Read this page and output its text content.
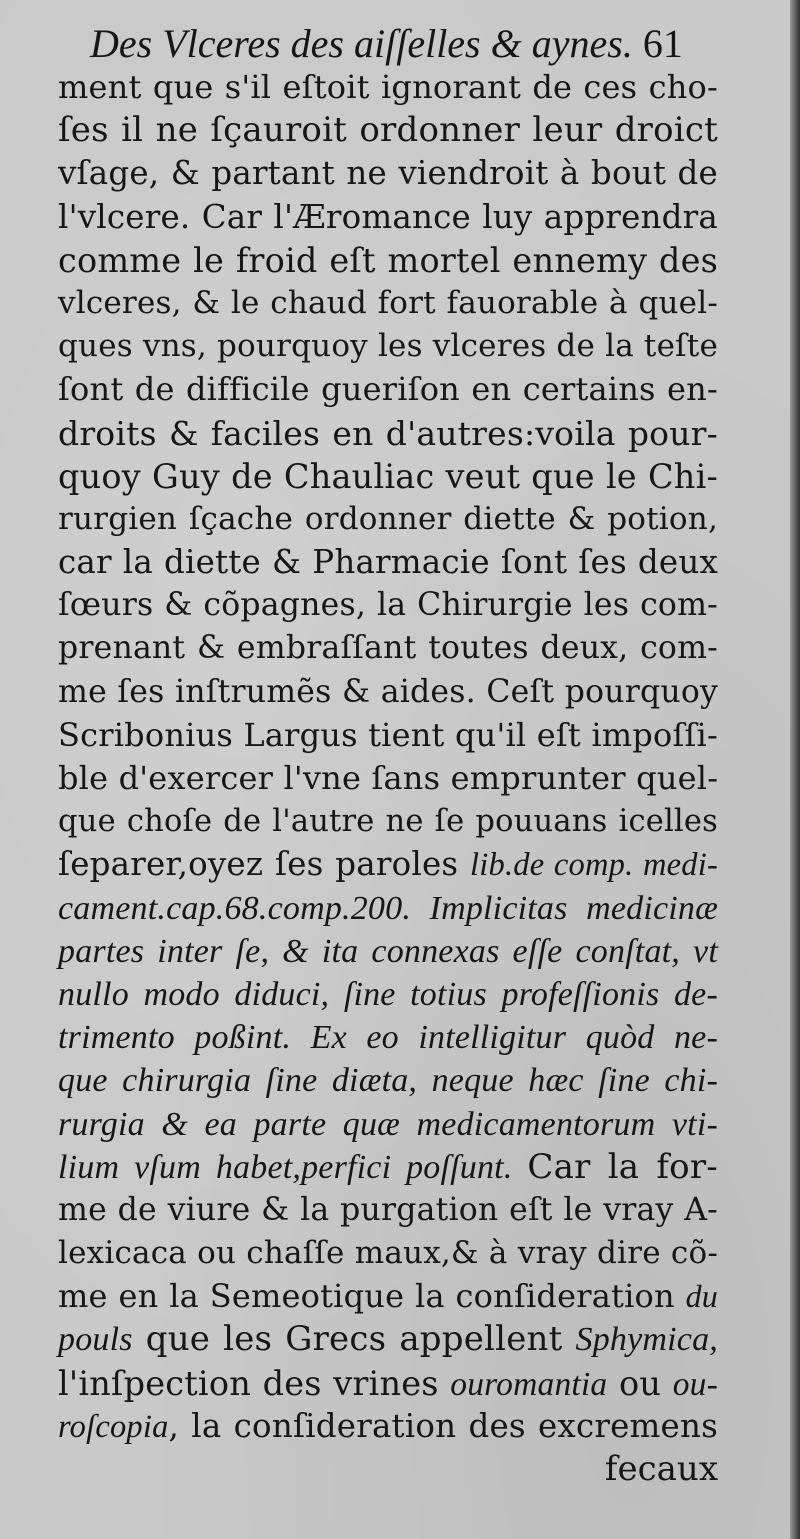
Des Vlceres des aiſſelles & aynes. 61
ment que s'il eſtoit ignorant de ces cho-
ſes il ne ſçauroit ordonner leur droict
vſage, & partant ne viendroit à bout de
l'vlcere. Car l'Æromance luy apprendra
comme le froid eſt mortel ennemy des
vlceres, & le chaud fort fauorable à quel-
ques vns, pourquoy les vlceres de la teſte
ſont de difficile gueriſon en certains en-
droits & faciles en d'autres:voila pour-
quoy Guy de Chauliac veut que le Chi-
rurgien ſçache ordonner diette & potion,
car la diette & Pharmacie ſont ſes deux
ſœurs & cõpagnes, la Chirurgie les com-
prenant & embraſſant toutes deux, com-
me ſes inſtrumẽs & aides. Ceſt pourquoy
Scribonius Largus tient qu'il eſt impoſſi-
ble d'exercer l'vne ſans emprunter quel-
que choſe de l'autre ne ſe pouuans icelles
ſeparer,oyez ſes paroles lib.de comp. medi-
cament.cap.68.comp.200. Implicitas medicinæ
partes inter ſe, & ita connexas eſſe conſtat, vt
nullo modo diduci, ſine totius profeſſionis de-
trimento poßint. Ex eo intelligitur quòd ne-
que chirurgia ſine diæta, neque hæc ſine chi-
rurgia & ea parte quæ medicamentorum vti-
lium vſum habet,perfici poſſunt. Car la for-
me de viure & la purgation eſt le vray A-
lexicaca ou chaſſe maux,& à vray dire cõ-
me en la Semeotique la conſideration du
pouls que les Grecs appellent Sphymica,
l'inſpection des vrines ouromantia ou ou-
roſcopia, la conſideration des excremens
fecaux
